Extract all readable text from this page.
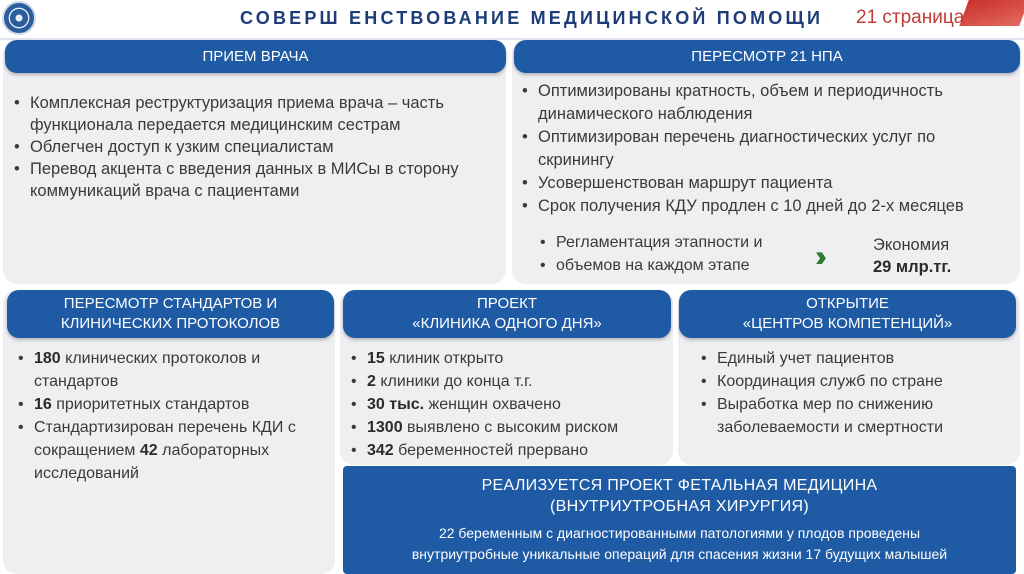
СОВЕРШ ЕНСТВОВАНИЕ МЕДИЦИНСКОЙ ПОМОЩИ 21 страница
ПРИЕМ ВРАЧА
• Комплексная реструктуризация приема врача – часть функционала передается медицинским сестрам
• Облегчен доступ к узким специалистам
• Перевод акцента с введения данных в МИСы в сторону коммуникаций врача с пациентами
ПЕРЕСМОТР 21 НПА
• Оптимизированы кратность, объем и периодичность динамического наблюдения
• Оптимизирован перечень диагностических услуг по скринингу
• Усовершенствован маршрут пациента
• Срок получения КДУ продлен с 10 дней до 2-х месяцев
• Регламентация этапности и
• объемов на каждом этапе	››	Экономия
29 млр.тг.
ПЕРЕСМОТР СТАНДАРТОВ И
КЛИНИЧЕСКИХ ПРОТОКОЛОВ
• 180 клинических протоколов и стандартов
• 16 приоритетных стандартов
• Стандартизирован перечень КДИ с сокращением 42 лабораторных исследований
ПРОЕКТ
«КЛИНИКА ОДНОГО ДНЯ»
• 15 клиник открыто
• 2 клиники до конца т.г.
• 30 тыс. женщин охвачено
• 1300 выявлено с высоким риском
• 342 беременностей прервано
ОТКРЫТИЕ
«ЦЕНТРОВ КОМПЕТЕНЦИЙ»
• Единый учет пациентов
• Координация служб по стране
• Выработка мер по снижению заболеваемости и смертности
РЕАЛИЗУЕТСЯ ПРОЕКТ ФЕТАЛЬНАЯ МЕДИЦИНА
(ВНУТРИУТРОБНАЯ ХИРУРГИЯ)
22 беременным с диагностированными патологиями у плодов проведены
внутриутробные уникальные операций для спасения жизни 17 будущих малышей
